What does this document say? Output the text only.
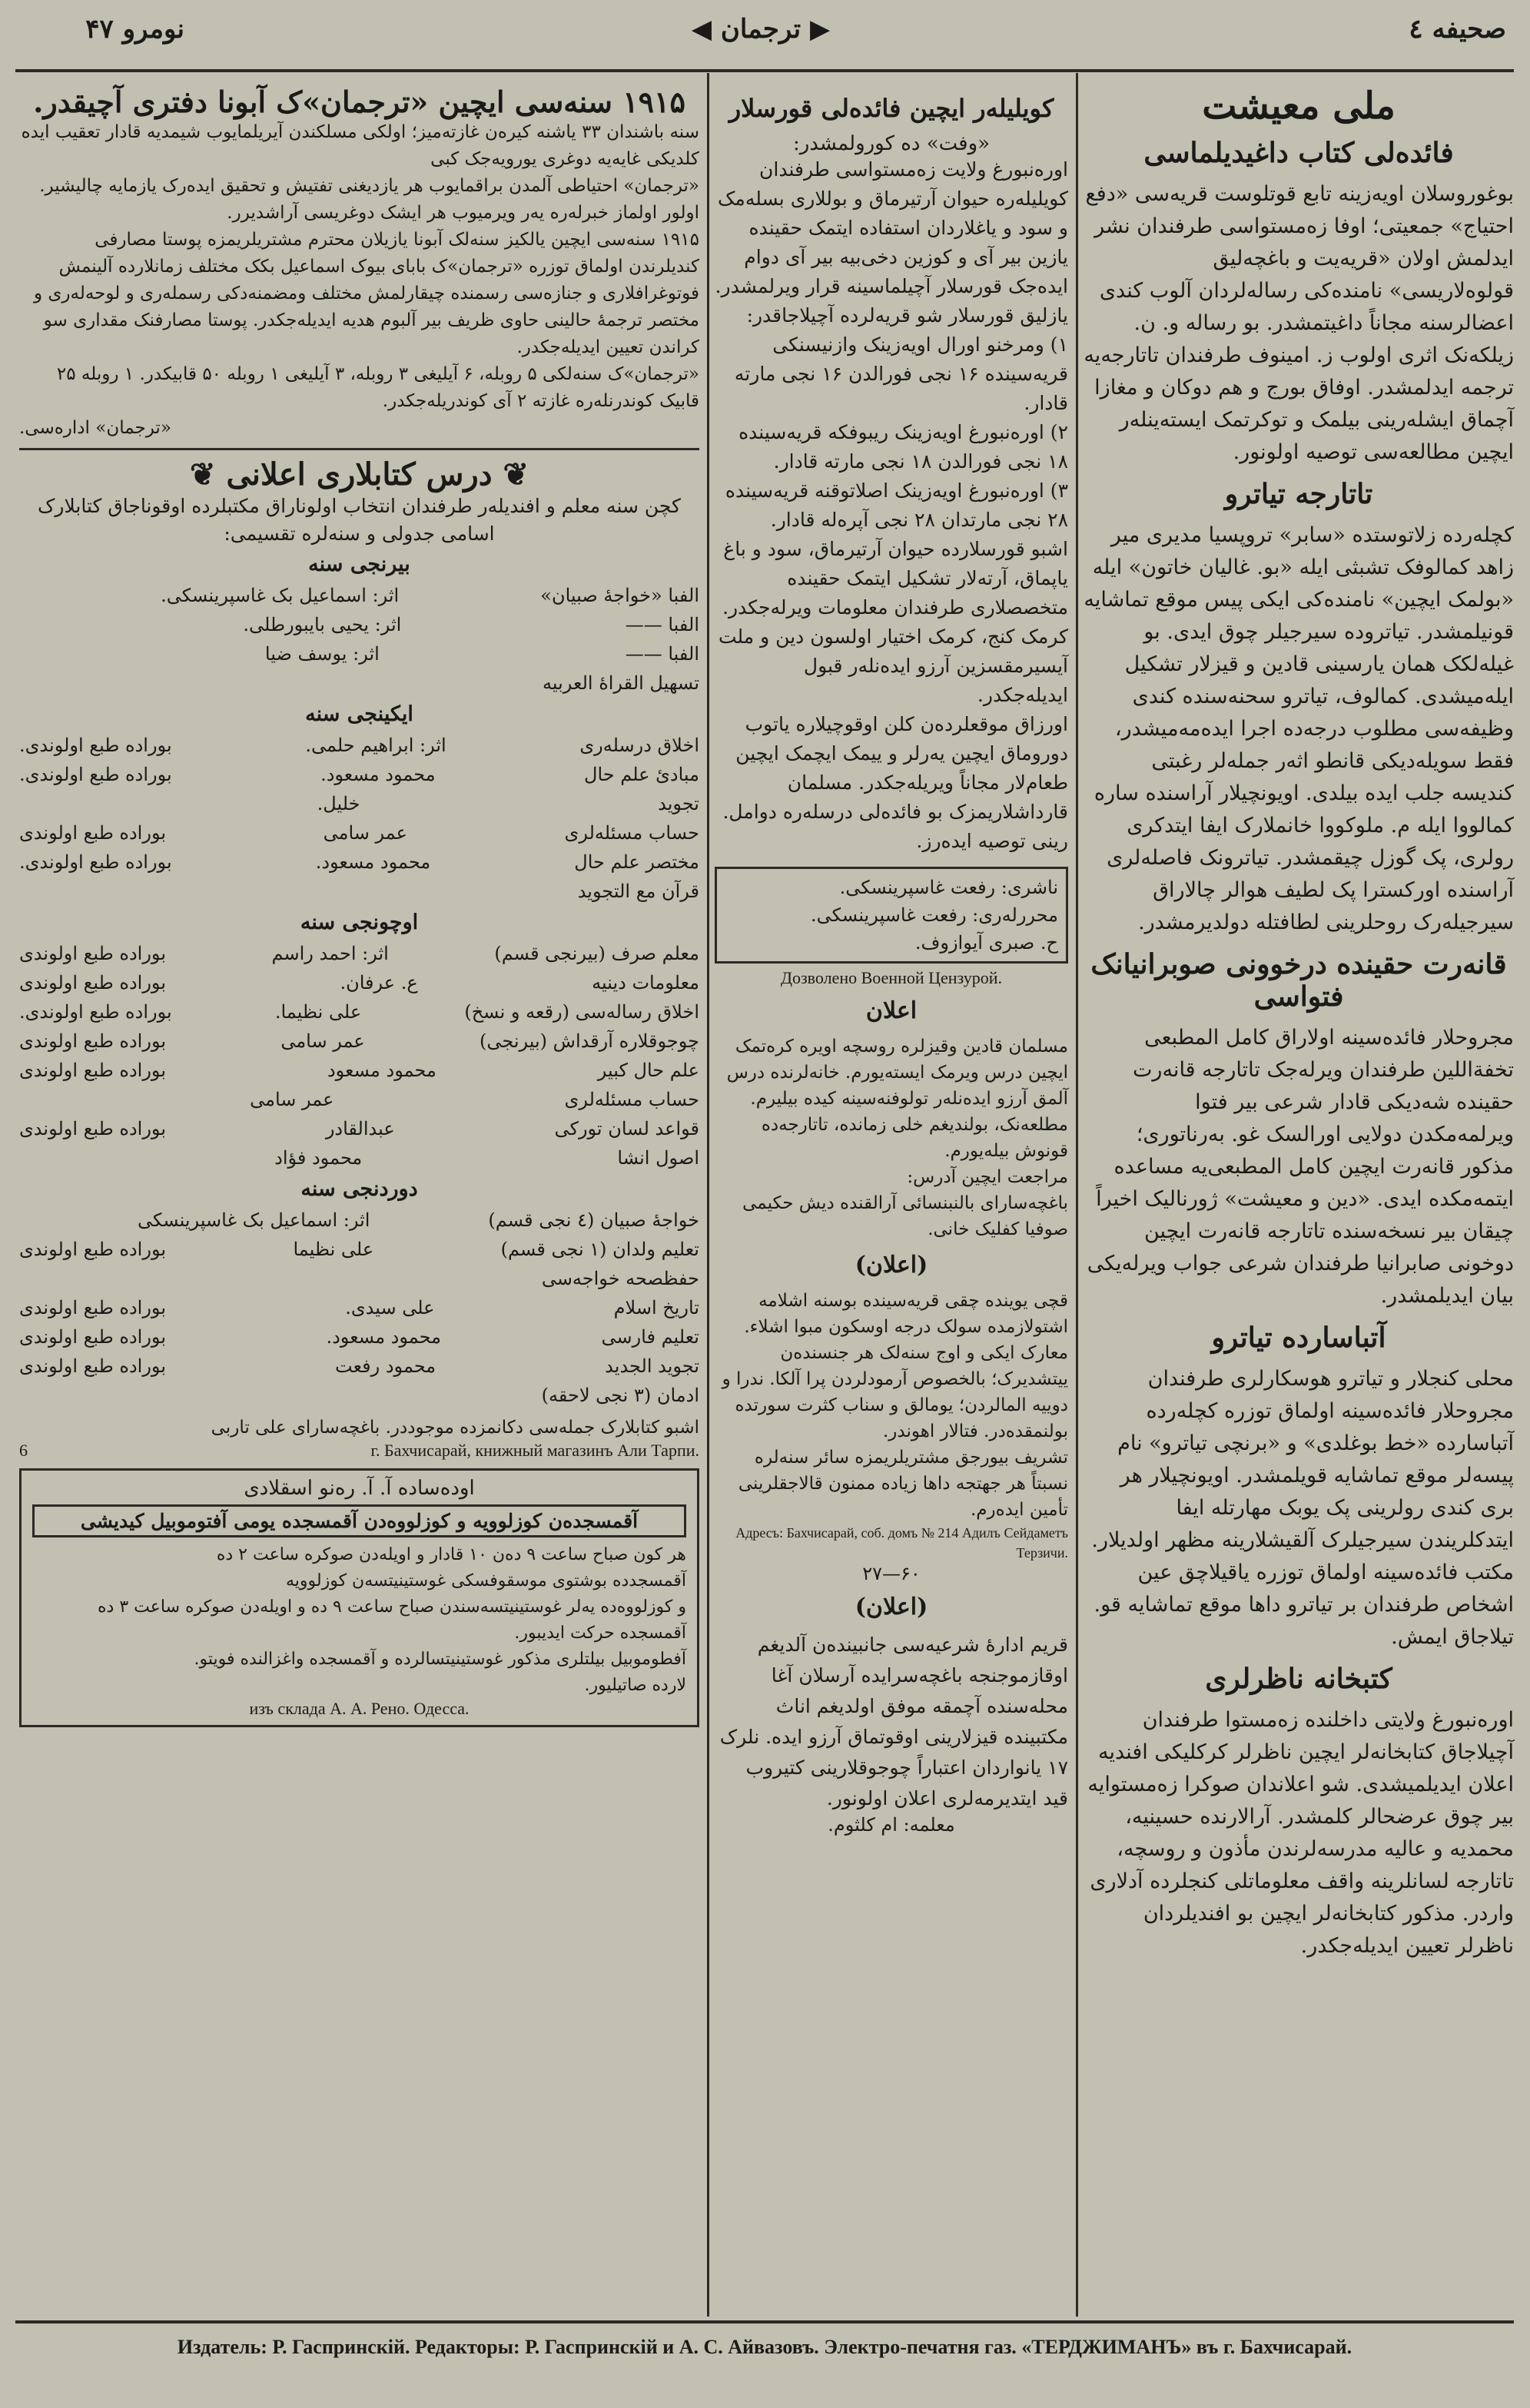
صحیفه ٤
◀ ترجمان ▶
نومرو ۴۷
ملی معیشت
فائدەلی کتاب داغیدیلماسی
بوغوروسلان اویەزینه تابع قوتلوست قریەسی «دفع احتیاج» جمعیتی؛ اوفا زەمستواسی طرفندان نشر ایدلمش اولان «قریەیت و باغچەلیق قولوەلاریسی» نامندەکی رسالەلردان آلوب کندی اعضالرسنه مجاناً داغیتمشدر. بو رساله و. ن. زیلکەنک اثری اولوب ز. امینوف طرفندان تاتارجەیه ترجمه ایدلمشدر. اوفاق بورج و هم دوکان و مغازا آچماق ایشلەرینی بیلمک و توکرتمک ایستەینلەر ایچین مطالعەسی توصیه اولونور.
تاتارجه تیاترو
کچلەردە زلاتوستده «سابر» تروپسیا مدیری میر زاهد کمالوفک تشبثی ایله «بو. غالیان خاتون» ایله «بولمک ایچین» نامندەکی ایکی پیس موقع تماشایه قونیلمشدر. تیاترودە سیرجیلر چوق ایدی. بو غیلەلکک همان یارسینی قادین و قیزلار تشکیل ایلەمیشدی. کمالوف، تیاترو سحنەسندە کندی وظیفەسی مطلوب درجەدە اجرا ایدەمەمیشدر، فقط سویلەدیکی قانطو اثەر جمله‌لر رغبتی کندیسه جلب ایده بیلدی. اویونچیلار آراسنده ساره کمالووا ایله م. ملوکووا خانملارک ایفا ایتدکری رولری، پک گوزل چیقمشدر. تیاترونک فاصلەلری آراسنده اورکسترا پک لطیف هوالر چالاراق سیرجیلەرک روحلرینی لطافتله دولدیرمشدر.
قانەرت حقینده درخوونی صوبرانیانک فتواسی
مجروحلار فائدەسینه اولاراق کامل المطبعی تخفةاللین طرفندان ویرلەجک تاتارجه قانەرت حقینده شەدیکی قادار شرعی بیر فتوا ویرلمەمکدن دولایی اورالسک غو. بەرناتوری؛ مذکور قانەرت ایچین کامل المطبعی‌یه مساعده ایتمەمکده ایدی. «دین و معیشت» ژورنالیک اخیراً چیقان بیر نسخەسنده تاتارجه قانەرت ایچین دوخونی صابرانیا طرفندان شرعی جواب ویرلەیکی بیان ایدیلمشدر.
آتباساردە تیاترو
محلی کنجلار و تیاترو هوسکارلری طرفندان مجروحلار فائدەسینه اولماق توزره کچلەردە آتباساردە «خط بوغلدی» و «برنچی تیاترو» نام پیسەلر موقع تماشایه قویلمشدر. اویونچیلار هر بری کندی رولرینی پک یوبک مهارتله ایفا ایتدکلریندن سیرجیلرک آلقیشلارینه مظهر اولدیلار. مکتب فائدەسینه اولماق توزره یاقیلاچق عین اشخاص طرفندان بر تیاترو داها موقع تماشایه قو. تیلاجاق ایمش.
کتبخانه ناظرلری
اورەنبورغ ولایتی داخلنده زەمستوا طرفندان آچیلاجاق کتابخانەلر ایچین ناظرلر کرکلیکی افندیه اعلان ایدیلمیشدی. شو اعلاندان صوکرا زەمستوایه بیر چوق عرضحالر کلمشدر. آرالارنده حسینیه، محمدیه و عالیه مدرسەلرندن مأذون و روسچه، تاتارجه لسانلرینه واقف معلوماتلی کنجلرده آدلاری واردر. مذکور کتابخانەلر ایچین بو افندیلردان ناظرلر تعیین ایدیلەجکدر.
کویلیلەر ایچین فائدەلی قورسلار
«وفت» ده کورولمشدر:
اورەنبورغ ولایت زەمستواسی طرفندان کویلیلەره حیوان آرتیرماق و بوللاری بسلەمک و سود و یاغلاردان استفاده ایتمک حقینده یازین بیر آی و کوزین دخی‌بیه بیر آی دوام ایدەجک قورسلار آچیلماسینه قرار ویرلمشدر.
یازلیق قورسلار شو قریەلرده آچیلاجاقدر:
۱) ومرخنو اورال اویەزینک وازنیسنکی قریەسینده ۱۶ نجی فورالدن ۱۶ نجی مارته قادار.
۲) اورەنبورغ اویەزینک ریبوفکه قریەسینده ۱۸ نجی فورالدن ۱۸ نجی مارته قادار.
۳) اورەنبورغ اویەزینک اصلاتوقنه قریەسینده ۲۸ نجی مارتدان ۲۸ نجی آپرەله قادار.
اشبو قورسلاردە حیوان آرتیرماق، سود و باغ یاپماق، آرتەلار تشکیل ایتمک حقینده متخصصلاری طرفندان معلومات ویرلەجکدر. کرمک کنج، کرمک اختیار اولسون دین و ملت آیسیرمقسزین آرزو ایدەنلەر قبول ایدیلەجکدر.
اورزاق موقعلردەن کلن اوقوچیلارە یاتوب دوروماق ایچین یەرلر و ییمک ایچمک ایچین طعام‌لار مجاناً ویریلەجکدر. مسلمان قارداشلاریمزک بو فائدەلی درسلەره دوامل. رینی توصیه ایدەرز.
ناشری: رفعت غاسپرینسکی.
محررلەری: رفعت غاسپرینسکی.
ح. صبری آیوازوف.
Дозволено Военной Цензурой.
اعلان
مسلمان قادین وقیزلرە روسچه اویرە کرەتمک ایچین درس ویرمک ایستەیورم. خانەلرندە درس آلمق آرزو ایدەنلەر تولوفنەسینە کیدە بیلیرم. مطلعەنک، بولندیغم خلی زمانده، تاتارجەده قونوش بیلەیورم.
مراجعت ایچین آدرس:
باغچەسارای بالنبنسائی آرالقندە دیش حکیمی صوفیا کفلیک خانی.
(اعلان)
قچی یوینده چقی قریەسینده بوسنه اشلامه اشتولازمده سولک درجه اوسکون مبوا اشلاء. معارک ایکی و اوج سنەلک هر جنسندەن ییتشدیرک؛ بالخصوص آرمودلردن پرا آلکا. ندرا و دوییه المالردن؛ یومالق و سناب کثرت سورتده بولنمقدەدر. فتالار اهوندر.
تشریف بیورجق مشتریلریمزە سائر سنەلره نسبتاً هر جهتجه داها زیاده ممنون قالاجقلرینی تأمین ایدەرم.
Адресъ: Бахчисарай, соб. домъ № 214 Адилъ Сейдаметъ Терзичи.
۶۰—۲۷
(اعلان)
قریم ادارۀ شرعیەسی جانبیندەن آلدیغم اوقازموجنجه باغچەسرایده آرسلان آغا محلەسنده آچمقه موفق اولدیغم اناث مکتبینده قیزلارینی اوقوتماق آرزو ایدە. نلرک ۱۷ یانواردان اعتباراً چوجوقلارینی کتیروب قید ایتدیرمەلری اعلان اولونور.
معلمه: ام کلثوم.
۱۹۱۵ سنەسی ایچین «ترجمان»‌ک آبونا دفتری آچیقدر.
سنه باشندان ۳۳ یاشنه کیرەن غازتەمیز؛ اولکی مسلکندن آیریلمایوب شیمدیه قادار تعقیب ایده کلدیکی غایەیه دوغری یورویەجک کبی
«ترجمان» احتیاطی آلمدن براقمایوب هر یازدیغنی تفتیش و تحقیق ایدەرک یازمایه چالیشیر. اولور اولماز خبرلەره یەر ویرمیوب هر ایشک دوغریسی آراشدیرر.
۱۹۱۵ سنەسی ایچین یالکیز سنەلک آبونا یازیلان محترم مشتریلریمزە پوستا مصارفی کندیلرندن اولماق توزره «ترجمان»‌ک بابای بیوک اسماعیل بکک مختلف زمانلاردە آلینمش فوتوغرافلاری و جنازەسی رسمندە چیقارلمش مختلف ومضمنەدکی رسملەری و لوحەلەری و مختصر ترجمۀ حالینی حاوی ظریف بیر آلبوم هدیه ایدیلەجکدر. پوستا مصارفنک مقداری سو کراندن تعیین ایدیلەجکدر.
«ترجمان»‌ک سنەلکی ۵ روبله، ۶ آیلیغی ۳ روبله، ۳ آیلیغی ۱ روبله ۵۰ قابیکدر. ۱ روبله ۲۵ قابیک کوندرنلەره غازته ۲ آی کوندریلەجکدر.
«ترجمان» ادارەسی.
❦ درس کتابلاری اعلانی ❦
کچن سنه معلم و افندیلەر طرفندان انتخاب اولوناراق مکتبلردە اوقوناجاق کتابلارک اسامی جدولی و سنەلره تقسیمی:
بیرنجی سنه
الفبا «خواجۀ صبیان»
اثر: اسماعیل بک غاسپرینسکی.
الفبا ——
اثر: یحیی بایبورطلی.
الفبا ——
اثر: یوسف ضیا
تسهیل القراۀ العربیه
ایکینجی سنه
اخلاق درسلەری
اثر: ابراهیم حلمی.
بوراده طبع اولوندی.
مبادئ علم حال
محمود مسعود.
بوراده طبع اولوندی.
تجوید
خلیل.
حساب مسئلەلری
عمر سامی
بوراده طبع اولوندی
مختصر علم حال
محمود مسعود.
بوراده طبع اولوندی.
قرآن مع التجوید
اوچونجی سنه
معلم صرف (بیرنجی قسم)
اثر: احمد راسم
بوراده طبع اولوندی
معلومات دینیه
ع. عرفان.
بوراده طبع اولوندی
اخلاق رسالەسی (رقعه و نسخ)
علی نظیما.
بوراده طبع اولوندی.
چوجوقلارە آرقداش (بیرنجی)
عمر سامی
بوراده طبع اولوندی
علم حال کبیر
محمود مسعود
بوراده طبع اولوندی
حساب مسئلەلری
عمر سامی
قواعد لسان تورکی
عبدالقادر
بوراده طبع اولوندی
اصول انشا
محمود فؤاد
دوردنجی سنه
خواجۀ صبیان (٤ نجی قسم)
اثر: اسماعیل بک غاسپرینسکی
تعلیم ولدان (۱ نجی قسم)
علی نظیما
بوراده طبع اولوندی
حفظصحه خواجەسی
تاریخ اسلام
علی سیدی.
بوراده طبع اولوندی
تعلیم فارسی
محمود مسعود.
بوراده طبع اولوندی
تجوید الجدید
محمود رفعت
بوراده طبع اولوندی
ادمان (۳ نجی لاحقه)
اشبو کتابلارک جملەسی دکانمزدە موجوددر. باغچەسارای علی تاربی
6	г. Бахчисарай, книжный магазинъ Али Тарпи.
اودەساده آ. آ. رەنو اسقلادی
آقمسجدەن کوزلوویه و کوزلووەدن آقمسجده یومی آفتوموبیل کیدیشی
هر کون صباح ساعت ۹ دەن ۱۰ قادار و اویلەدن صوکره ساعت ۲ ده
آقمسجدده بوشتوی موسقوفسکی غوستینیتسەن کوزلوویه
و کوزلووەده یەلر غوستینیتسەسندن صباح ساعت ۹ ده و اویلەدن صوکره ساعت ۳ ده
آقمسجده حرکت ایدیبور.
آفطوموبیل بیلتلری مذکور غوستینیتسالردە و آقمسجدە واغزالندە فویتو.
لارده صاتیلیور.
изъ склада А. А. Рено. Одесса.
Издатель: Р. Гаспринскій. Редакторы: Р. Гаспринскій и А. С. Айвазовъ. Электро-печатня газ. «ТЕРДЖИМАНЪ» въ г. Бахчисарай.
